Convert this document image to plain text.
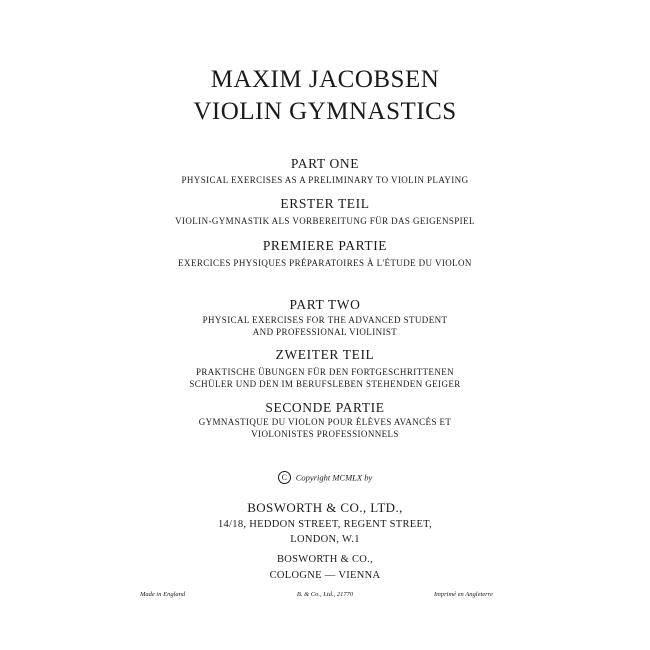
MAXIM JACOBSEN
VIOLIN GYMNASTICS
PART ONE
PHYSICAL EXERCISES AS A PRELIMINARY TO VIOLIN PLAYING
ERSTER TEIL
VIOLIN-GYMNASTIK ALS VORBEREITUNG FÜR DAS GEIGENSPIEL
PREMIERE PARTIE
EXERCICES PHYSIQUES PRÉPARATOIRES À L'ÉTUDE DU VIOLON
PART TWO
PHYSICAL EXERCISES FOR THE ADVANCED STUDENT
AND PROFESSIONAL VIOLINIST
ZWEITER TEIL
PRAKTISCHE ÜBUNGEN FÜR DEN FORTGESCHRITTENEN
SCHÜLER UND DEN IM BERUFSLEBEN STEHENDEN GEIGER
SECONDE PARTIE
GYMNASTIQUE DU VIOLON POUR ÉLÈVES AVANCÉS ET
VIOLONISTES PROFESSIONNELS
C Copyright MCMLX by
BOSWORTH & CO., LTD.,
14/18, HEDDON STREET, REGENT STREET,
LONDON, W.1
BOSWORTH & CO.,
COLOGNE — VIENNA
Made in England	B. & Co., Ltd., 21770	Imprimé en Angleterre
